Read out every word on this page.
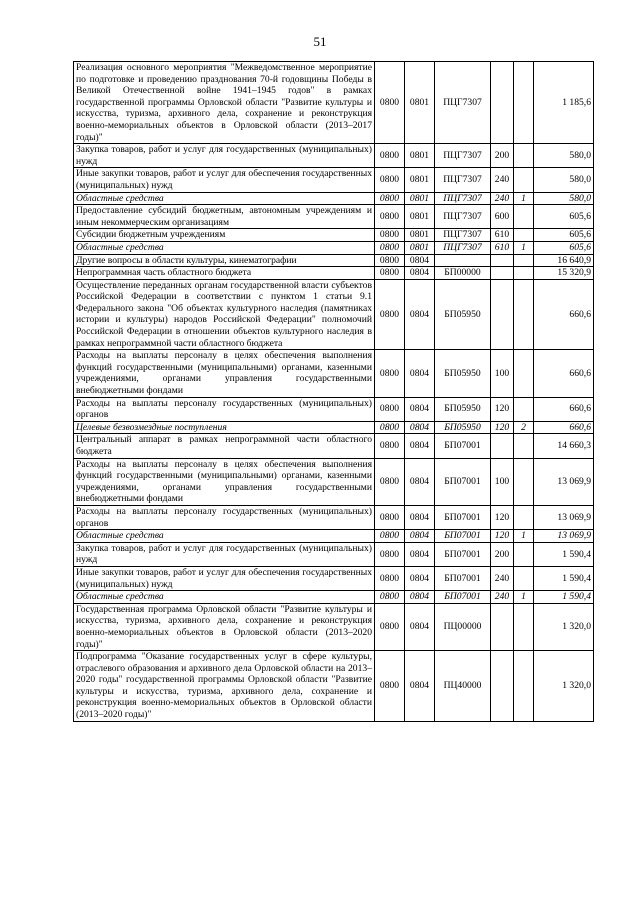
51
Реализация основного мероприятия "Межведомственное мероприятие по подготовке и проведению празднования 70-й годовщины Победы в Великой Отечественной войне 1941–1945 годов" в рамках государственной программы Орловской области "Развитие культуры и искусства, туризма, архивного дела, сохранение и реконструкция военно-мемориальных объектов в Орловской области (2013–2017 годы)"	0800	0801	ПЦГ7307			1 185,6
Закупка товаров, работ и услуг для государственных (муниципальных) нужд	0800	0801	ПЦГ7307	200		580,0
Иные закупки товаров, работ и услуг для обеспечения государственных (муниципальных) нужд	0800	0801	ПЦГ7307	240		580,0
Областные средства	0800	0801	ПЦГ7307	240	1	580,0
Предоставление субсидий бюджетным, автономным учреждениям и иным некоммерческим организациям	0800	0801	ПЦГ7307	600		605,6
Субсидии бюджетным учреждениям	0800	0801	ПЦГ7307	610		605,6
Областные средства	0800	0801	ПЦГ7307	610	1	605,6
Другие вопросы в области культуры, кинематографии	0800	0804				16 640,9
Непрограммная часть областного бюджета	0800	0804	БП00000			15 320,9
Осуществление переданных органам государственной власти субъектов Российской Федерации в соответствии с пунктом 1 статьи 9.1 Федерального закона "Об объектах культурного наследия (памятниках истории и культуры) народов Российской Федерации" полномочий Российской Федерации в отношении объектов культурного наследия в рамках непрограммной части областного бюджета	0800	0804	БП05950			660,6
Расходы на выплаты персоналу в целях обеспечения выполнения функций государственными (муниципальными) органами, казенными учреждениями, органами управления государственными внебюджетными фондами	0800	0804	БП05950	100		660,6
Расходы на выплаты персоналу государственных (муниципальных) органов	0800	0804	БП05950	120		660,6
Целевые безвозмездные поступления	0800	0804	БП05950	120	2	660,6
Центральный аппарат в рамках непрограммной части областного бюджета	0800	0804	БП07001			14 660,3
Расходы на выплаты персоналу в целях обеспечения выполнения функций государственными (муниципальными) органами, казенными учреждениями, органами управления государственными внебюджетными фондами	0800	0804	БП07001	100		13 069,9
Расходы на выплаты персоналу государственных (муниципальных) органов	0800	0804	БП07001	120		13 069,9
Областные средства	0800	0804	БП07001	120	1	13 069,9
Закупка товаров, работ и услуг для государственных (муниципальных) нужд	0800	0804	БП07001	200		1 590,4
Иные закупки товаров, работ и услуг для обеспечения государственных (муниципальных) нужд	0800	0804	БП07001	240		1 590,4
Областные средства	0800	0804	БП07001	240	1	1 590,4
Государственная программа Орловской области "Развитие культуры и искусства, туризма, архивного дела, сохранение и реконструкция военно-мемориальных объектов в Орловской области (2013–2020 годы)"	0800	0804	ПЦ00000			1 320,0
Подпрограмма "Оказание государственных услуг в сфере культуры, отраслевого образования и архивного дела Орловской области на 2013–2020 годы" государственной программы Орловской области "Развитие культуры и искусства, туризма, архивного дела, сохранение и реконструкция военно-мемориальных объектов в Орловской области (2013–2020 годы)"	0800	0804	ПЦ40000			1 320,0
